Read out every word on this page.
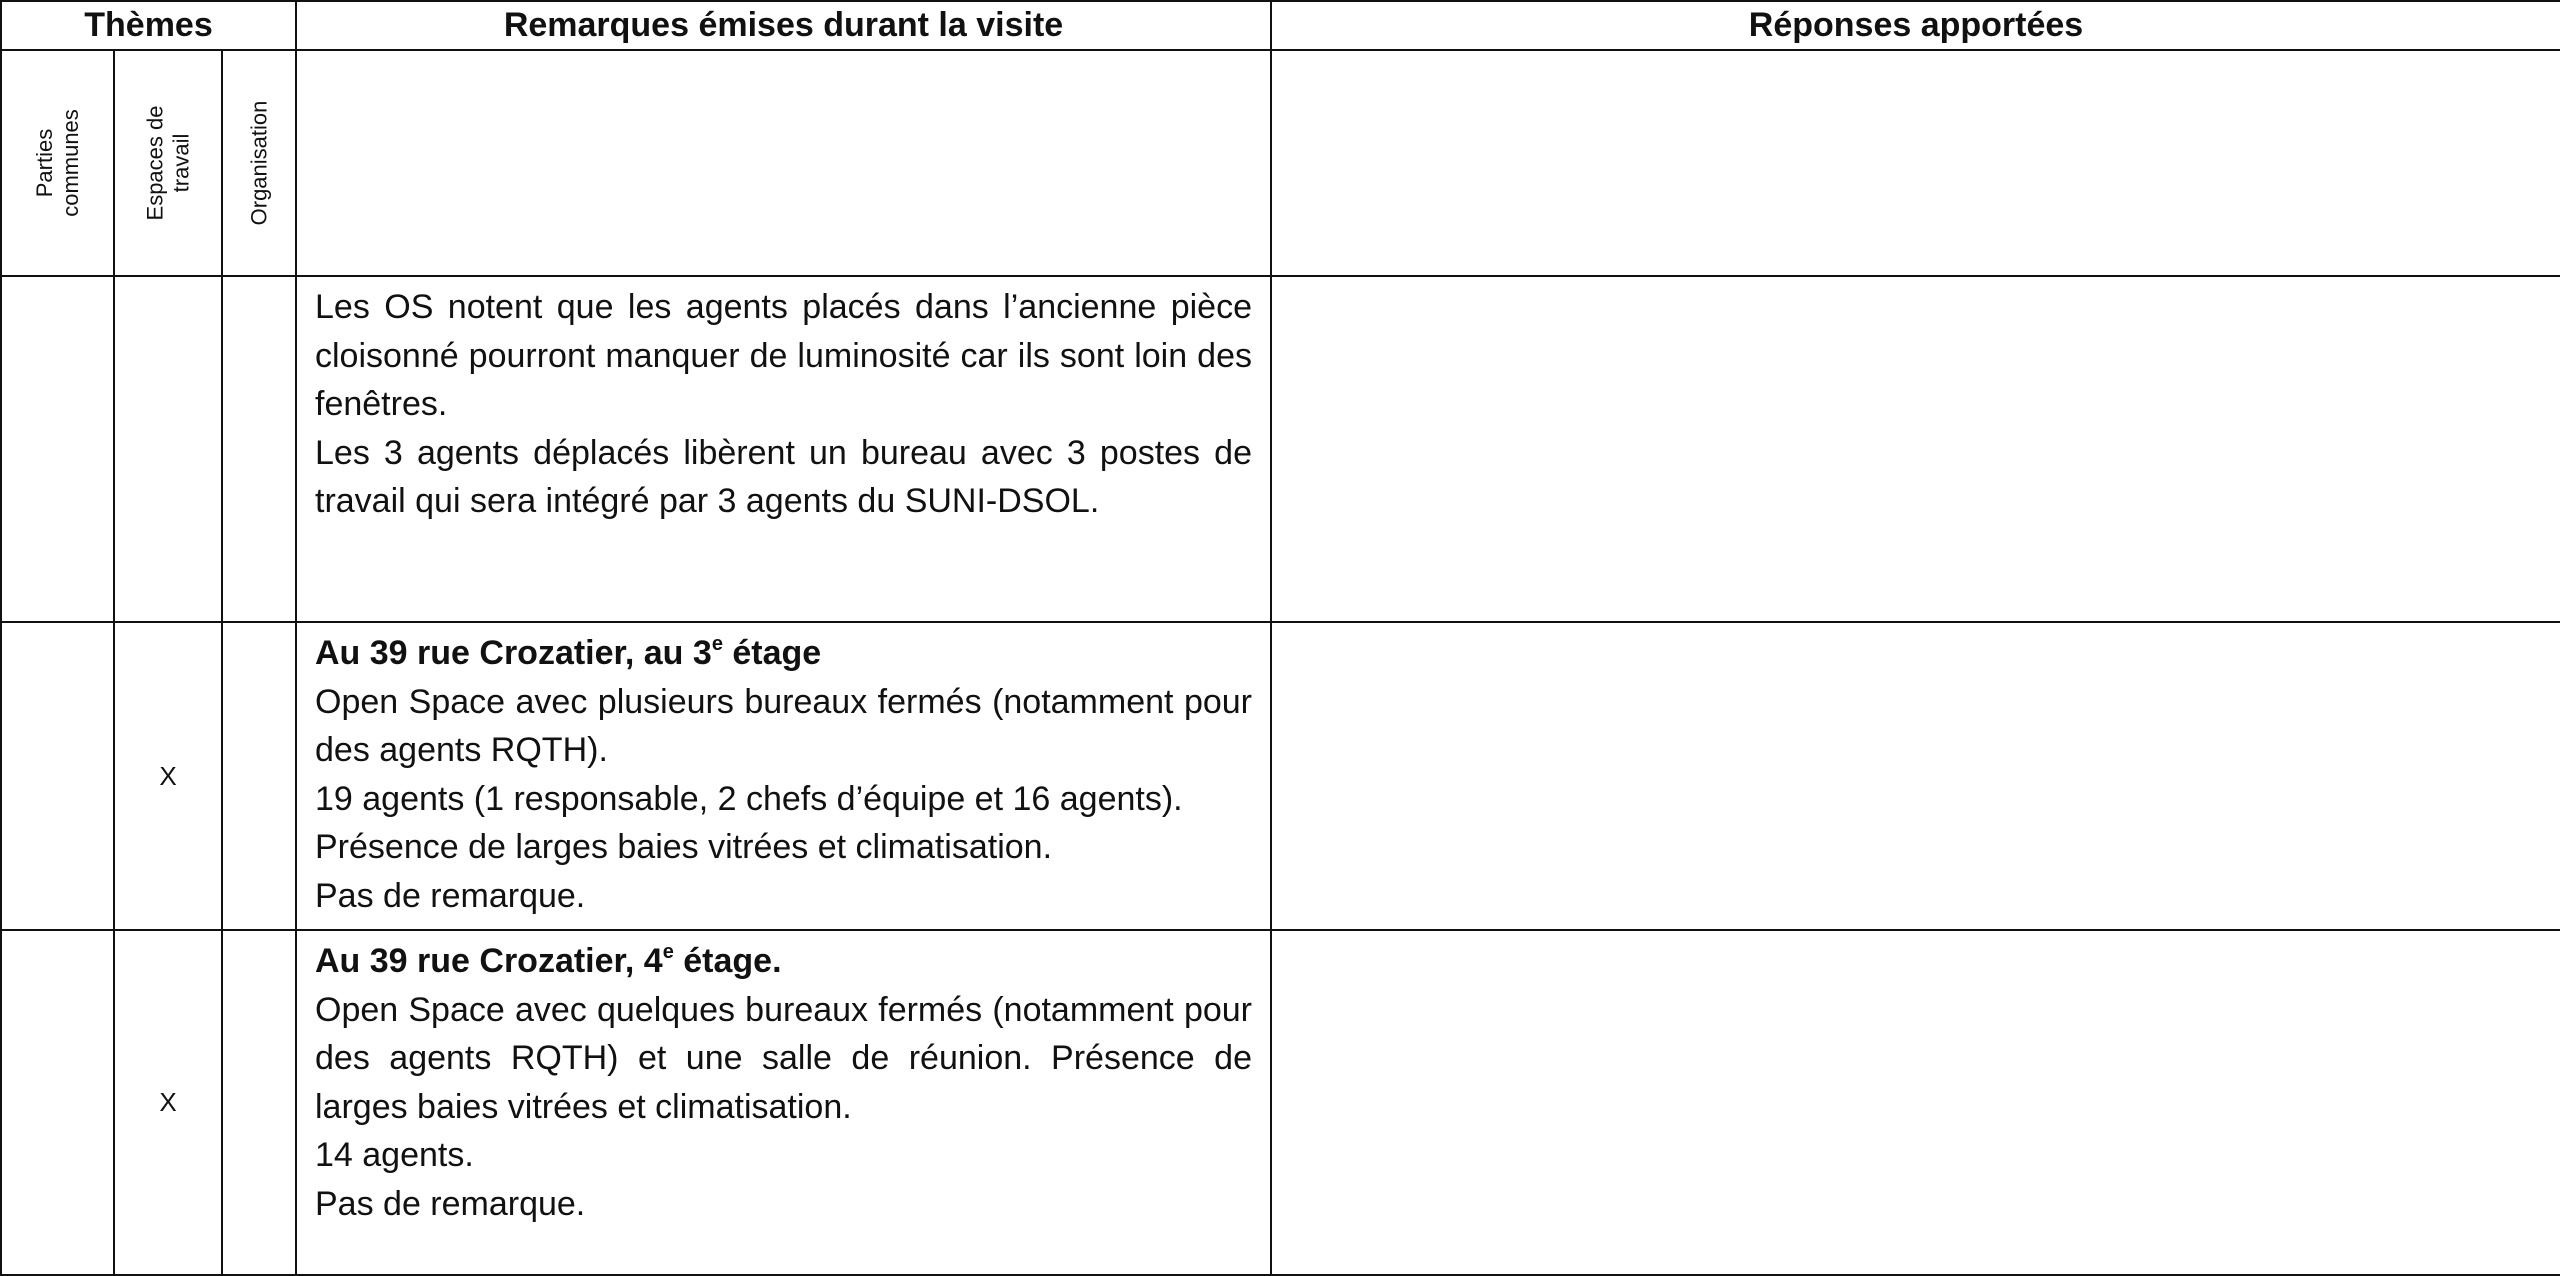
Thèmes			Remarques émises durant la visite	Réponses apportées

Parties communes	Espaces de travail	Organisation		

			Les OS notent que les agents placés dans l’ancienne pièce cloisonné pourront manquer de luminosité car ils sont loin des fenêtres.

Les 3 agents déplacés libèrent un bureau avec 3 postes de travail qui sera intégré par 3 agents du SUNI-DSOL.	

	X		Au 39 rue Crozatier, au 3e étage

Open Space avec plusieurs bureaux fermés (notamment pour des agents RQTH).

19 agents (1 responsable, 2 chefs d’équipe et 16 agents).

Présence de larges baies vitrées et climatisation.

Pas de remarque.	

	X		Au 39 rue Crozatier, 4e étage.

Open Space avec quelques bureaux fermés (notamment pour des agents RQTH) et une salle de réunion. Présence de larges baies vitrées et climatisation.

14 agents.

Pas de remarque.	
